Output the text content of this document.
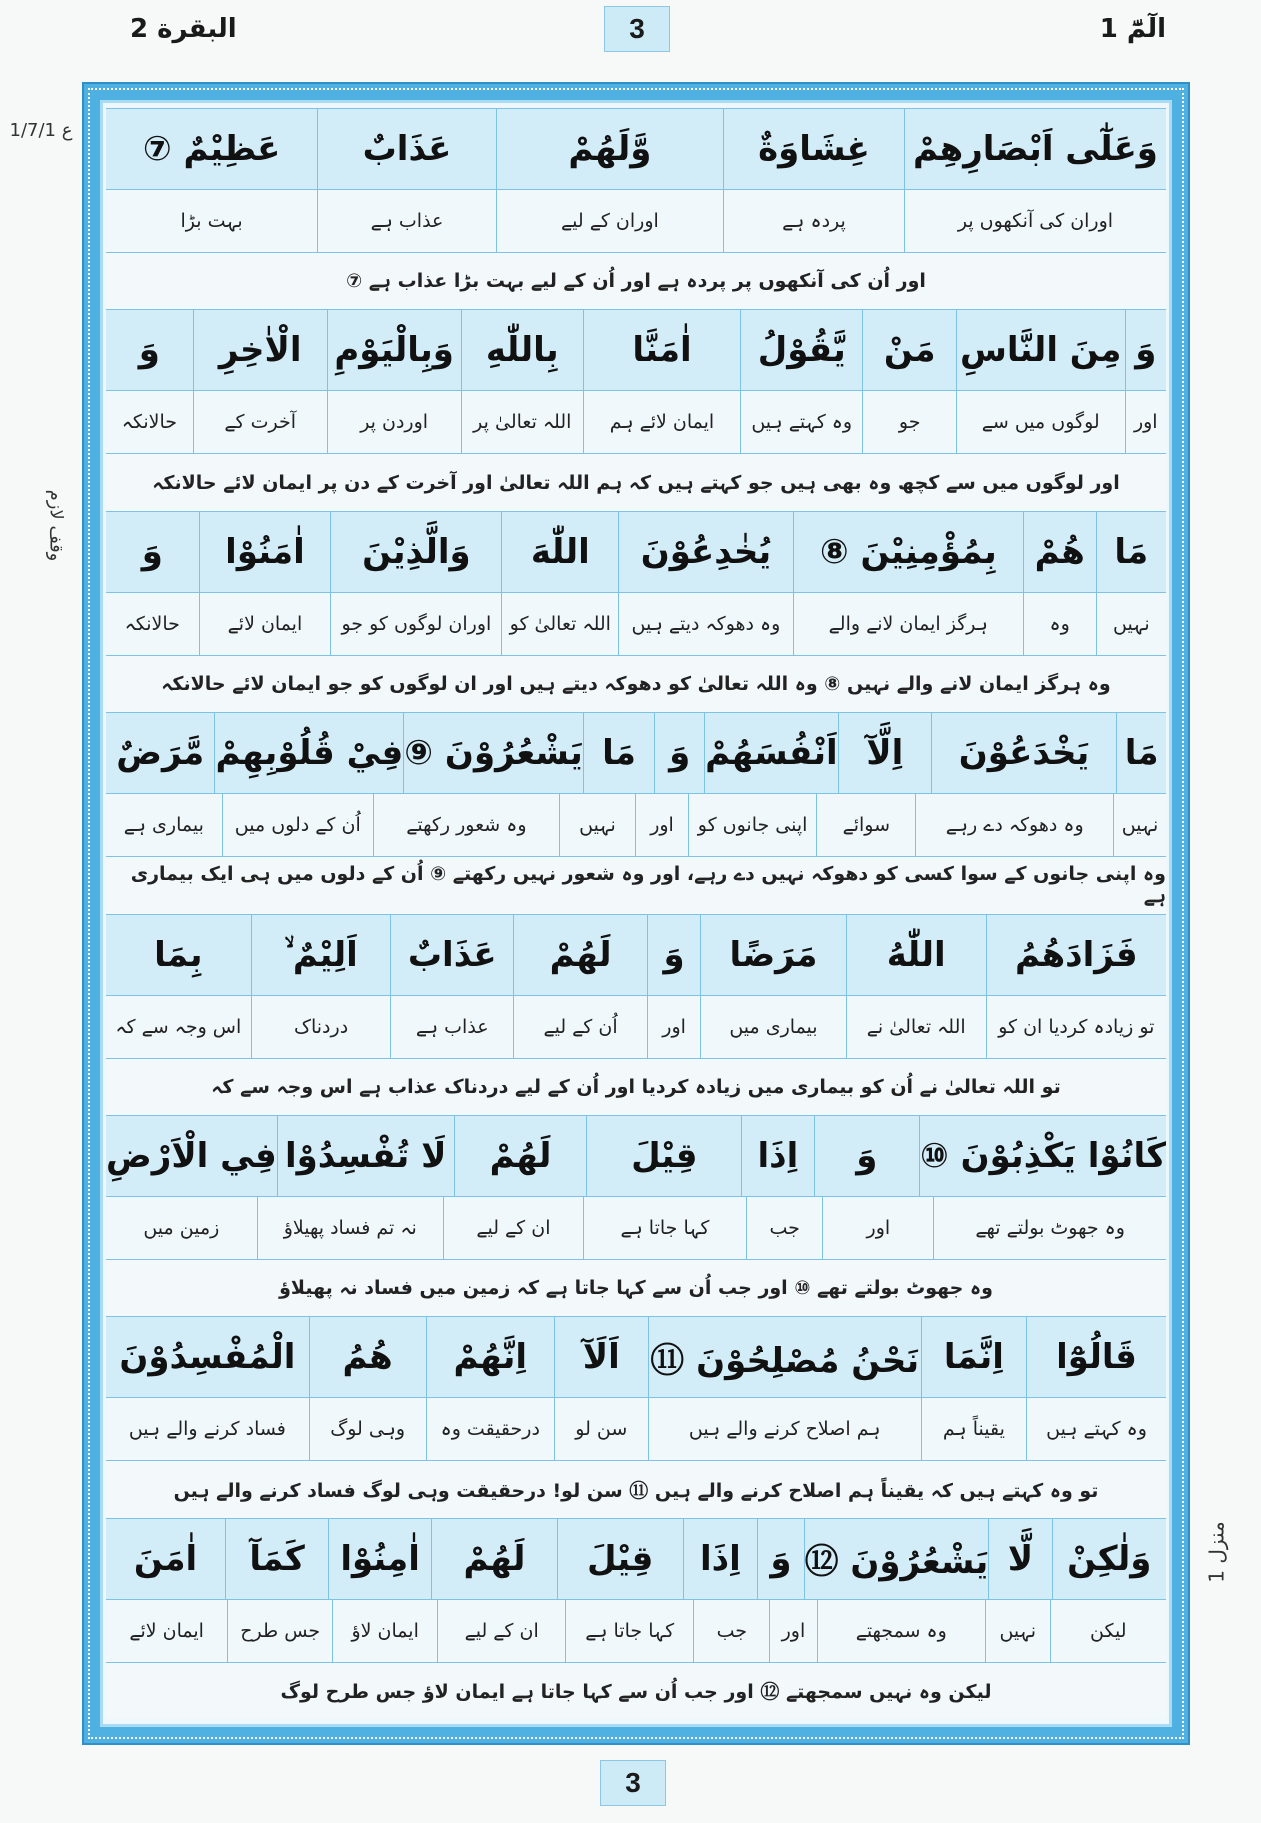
الٓمّٓ 1
البقرة 2	3
ع 1/7/1
وقف لازم
منزل 1
وَعَلٰٓى اَبْصَارِهِمْ
غِشَاوَةٌ
وَّلَهُمْ
عَذَابٌ
عَظِيْمٌ ⑦
اوران کی آنکھوں پر
پردہ ہے
اوران کے لیے
عذاب ہے
بہت بڑا
اور اُن کی آنکھوں پر پردہ ہے اور اُن کے لیے بہت بڑا عذاب ہے ⑦
وَ
مِنَ النَّاسِ
مَنْ
يَّقُوْلُ
اٰمَنَّا
بِاللّٰهِ
وَبِالْيَوْمِ
الْاٰخِرِ
وَ
اور
لوگوں میں سے
جو
وہ کہتے ہیں
ایمان لائے ہم
اللہ تعالیٰ پر
اوردن پر
آخرت کے
حالانکہ
اور لوگوں میں سے کچھ وہ بھی ہیں جو کہتے ہیں کہ ہم اللہ تعالیٰ اور آخرت کے دن پر ایمان لائے حالانکہ
مَا
هُمْ
بِمُؤْمِنِيْنَ ⑧
يُخٰدِعُوْنَ
اللّٰهَ
وَالَّذِيْنَ
اٰمَنُوْا
وَ
نہیں
وہ
ہرگز ایمان لانے والے
وہ دھوکہ دیتے ہیں
اللہ تعالیٰ کو
اوران لوگوں کو جو
ایمان لائے
حالانکہ
وہ ہرگز ایمان لانے والے نہیں ⑧ وہ اللہ تعالیٰ کو دھوکہ دیتے ہیں اور ان لوگوں کو جو ایمان لائے حالانکہ
مَا
يَخْدَعُوْنَ
اِلَّآ
اَنْفُسَهُمْ
وَ
مَا
يَشْعُرُوْنَ ⑨
فِيْ قُلُوْبِهِمْ
مَّرَضٌ
نہیں
وہ دھوکہ دے رہے
سوائے
اپنی جانوں کو
اور
نہیں
وہ شعور رکھتے
اُن کے دلوں میں
بیماری ہے
وہ اپنی جانوں کے سوا کسی کو دھوکہ نہیں دے رہے، اور وہ شعور نہیں رکھتے ⑨ اُن کے دلوں میں ہی ایک بیماری ہے
فَزَادَهُمُ
اللّٰهُ
مَرَضًا
وَ
لَهُمْ
عَذَابٌ
اَلِيْمٌ ۙ
بِمَا
تو زیادہ کردیا ان کو
اللہ تعالیٰ نے
بیماری میں
اور
اُن کے لیے
عذاب ہے
دردناک
اس وجہ سے کہ
تو اللہ تعالیٰ نے اُن کو بیماری میں زیادہ کردیا اور اُن کے لیے دردناک عذاب ہے اس وجہ سے کہ
كَانُوْا يَكْذِبُوْنَ ⑩
وَ
اِذَا
قِيْلَ
لَهُمْ
لَا تُفْسِدُوْا
فِي الْاَرْضِ
وہ جھوٹ بولتے تھے
اور
جب
کہا جاتا ہے
ان کے لیے
نہ تم فساد پھیلاؤ
زمین میں
وہ جھوٹ بولتے تھے ⑩ اور جب اُن سے کہا جاتا ہے کہ زمین میں فساد نہ پھیلاؤ
قَالُوْٓا
اِنَّمَا
نَحْنُ مُصْلِحُوْنَ ⑪
اَلَآ
اِنَّهُمْ
هُمُ
الْمُفْسِدُوْنَ
وہ کہتے ہیں
یقیناً ہم
ہم اصلاح کرنے والے ہیں
سن لو
درحقیقت وہ
وہی لوگ
فساد کرنے والے ہیں
تو وہ کہتے ہیں کہ یقیناً ہم اصلاح کرنے والے ہیں ⑪ سن لو! درحقیقت وہی لوگ فساد کرنے والے ہیں
وَلٰكِنْ
لَّا
يَشْعُرُوْنَ ⑫
وَ
اِذَا
قِيْلَ
لَهُمْ
اٰمِنُوْا
كَمَآ
اٰمَنَ
لیکن
نہیں
وہ سمجھتے
اور
جب
کہا جاتا ہے
ان کے لیے
ایمان لاؤ
جس طرح
ایمان لائے
لیکن وہ نہیں سمجھتے ⑫ اور جب اُن سے کہا جاتا ہے ایمان لاؤ جس طرح لوگ
3
